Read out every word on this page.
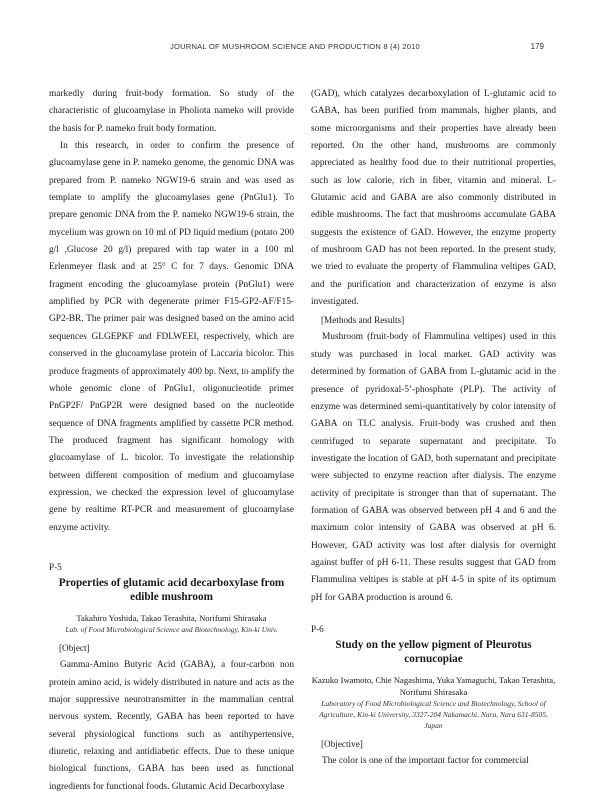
JOURNAL OF MUSHROOM SCIENCE AND PRODUCTION 8 (4) 2010	179

markedly during fruit-body formation. So study of the characteristic of glucoamylase in Pholiota nameko will provide the basis for P. nameko fruit body formation.

In this research, in order to confirm the presence of glucoamylase gene in P. nameko genome, the genomic DNA was prepared from P. nameko NGW19-6 strain and was used as template to amplify the glucoamylases gene (PnGlu1). To prepare genomic DNA from the P. nameko NGW19-6 strain, the mycelium was grown on 10 ml of PD liquid medium (potato 200 g/l ,Glucose 20 g/l) prepared with tap water in a 100 ml Erlenmeyer flask and at 25° C for 7 days. Genomic DNA fragment encoding the glucoamylase protein (PnGlu1) were amplified by PCR with degenerate primer F15-GP2-AF/F15-GP2-BR. The primer pair was designed based on the amino acid sequences GLGEPKF and FDLWEEI, respectively, which are conserved in the glucoamylase protein of Laccaria bicolor. This produce fragments of approximately 400 bp. Next, to amplify the whole genomic clone of PnGlu1, oligonucleotide primer PnGP2F/ PnGP2R were designed based on the nucleotide sequence of DNA fragments amplified by cassette PCR method. The produced fragment has significant homology with glucoamylase of L. bicolor. To investigate the relationship between different composition of medium and glucoamylase expression, we checked the expression level of glucoamylase gene by realtime RT-PCR and measurement of glucoamylase enzyme activity.

P-5

Properties of glutamic acid decarboxylase from edible mushroom

Takahiro Yoshida, Takao Terashita, Norifumi Shirasaka

Lab. of Food Microbiological Science and Biotechnology, Kin-ki Univ.

[Object]

Gamma-Amino Butyric Acid (GABA), a four-carbon non protein amino acid, is widely distributed in nature and acts as the major suppressive neurotransmitter in the mammalian central nervous system. Recently, GABA has been reported to have several physiological functions such as antihypertensive, diuretic, relaxing and antidiabetic effects. Due to these unique biological functions, GABA has been used as functional ingredients for functional foods. Glutamic Acid Decarboxylase

(GAD), which catalyzes decarboxylation of L-glutamic acid to GABA, has been purified from mammals, higher plants, and some microorganisms and their properties have already been reported. On the other hand, mushrooms are commonly appreciated as healthy food due to their nutritional properties, such as low calorie, rich in fiber, vitamin and mineral. L-Glutamic acid and GABA are also commonly distributed in edible mushrooms. The fact that mushrooms accumulate GABA suggests the existence of GAD. However, the enzyme property of mushroom GAD has not been reported. In the present study, we tried to evaluate the property of Flammulina veltipes GAD, and the purification and characterization of enzyme is also investigated.

[Methods and Results]

Mushroom (fruit-body of Flammulina veltipes) used in this study was purchased in local market. GAD activity was determined by formation of GABA from L-glutamic acid in the presence of pyridoxal-5’-phosphate (PLP). The activity of enzyme was determined semi-quantitatively by color intensity of GABA on TLC analysis. Fruit-body was crushed and then centrifuged to separate supernatant and precipitate. To investigate the location of GAD, both supernatant and precipitate were subjected to enzyme reaction after dialysis. The enzyme activity of precipitate is stronger than that of supernatant. The formation of GABA was observed between pH 4 and 6 and the maximum color intensity of GABA was observed at pH 6. However, GAD activity was lost after dialysis for overnight against buffer of pH 6-11. These results suggest that GAD from Flammulina veltipes is stable at pH 4-5 in spite of its optimum pH for GABA production is around 6.

P-6

Study on the yellow pigment of Pleurotus cornucopiae

Kazuko Iwamoto, Chie Nagashima, Yuka Yamaguchi, Takao Terashita, Norifumi Shirasaka

Laboratory of Food Microbiological Science and Biotechnology, School of Agriculture, Kin-ki University, 3327-204 Nakamachi, Nara, Nara 631-8505, Japan

[Objective]

The color is one of the important factor for commercial
